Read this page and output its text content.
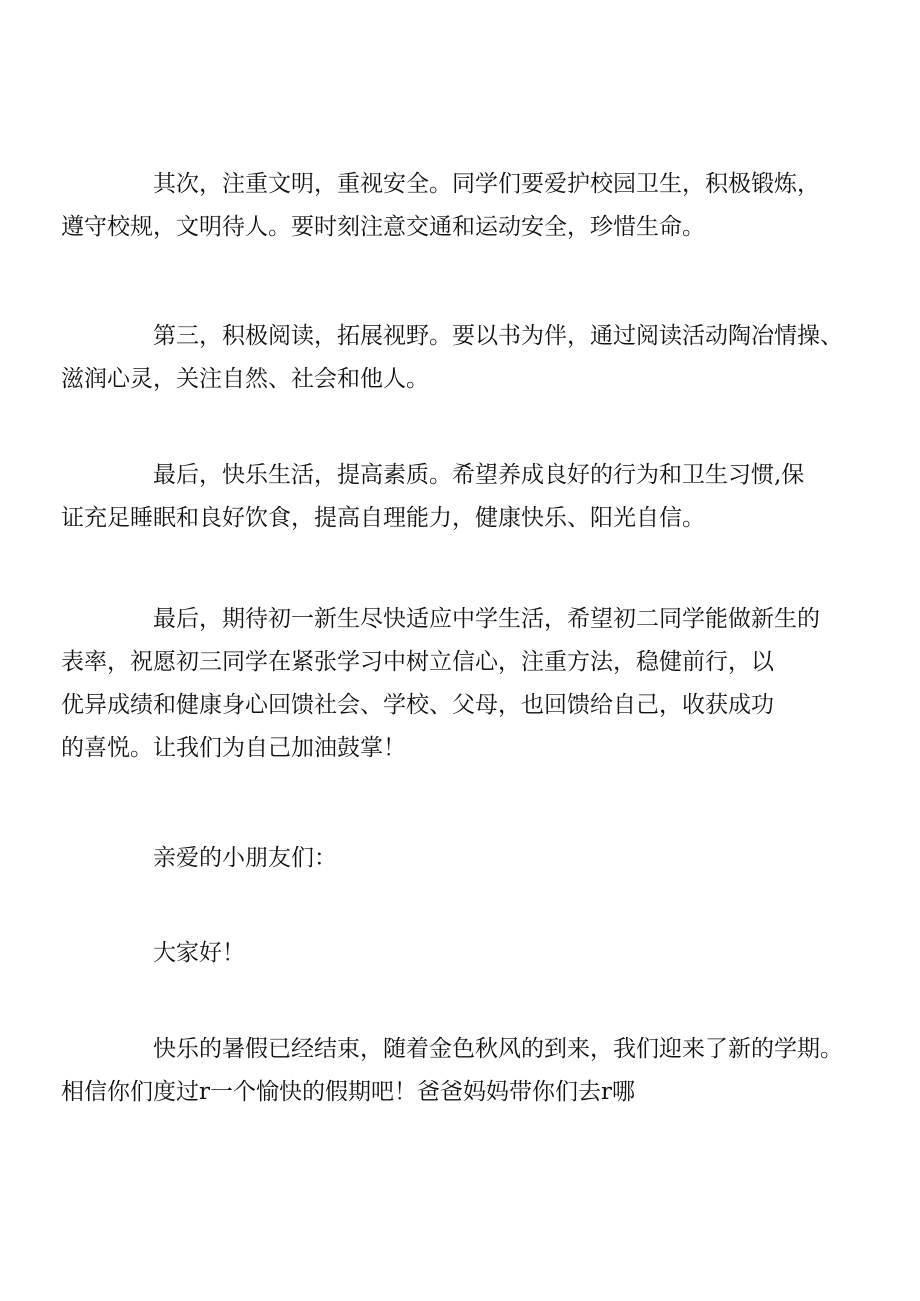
其次，注重文明，重视安全。同学们要爱护校园卫生，积极锻炼，
遵守校规，文明待人。要时刻注意交通和运动安全，珍惜生命。

第三，积极阅读，拓展视野。要以书为伴，通过阅读活动陶冶情操、
滋润心灵，关注自然、社会和他人。

最后，快乐生活，提高素质。希望养成良好的行为和卫生习惯,保
证充足睡眠和良好饮食，提高自理能力，健康快乐、阳光自信。

最后，期待初一新生尽快适应中学生活，希望初二同学能做新生的
表率，祝愿初三同学在紧张学习中树立信心，注重方法，稳健前行，以
优异成绩和健康身心回馈社会、学校、父母，也回馈给自己，收获成功
的喜悦。让我们为自己加油鼓掌！

亲爱的小朋友们：

大家好！

快乐的暑假已经结束，随着金色秋风的到来，我们迎来了新的学期。
相信你们度过r一个愉快的假期吧！爸爸妈妈带你们去r哪
